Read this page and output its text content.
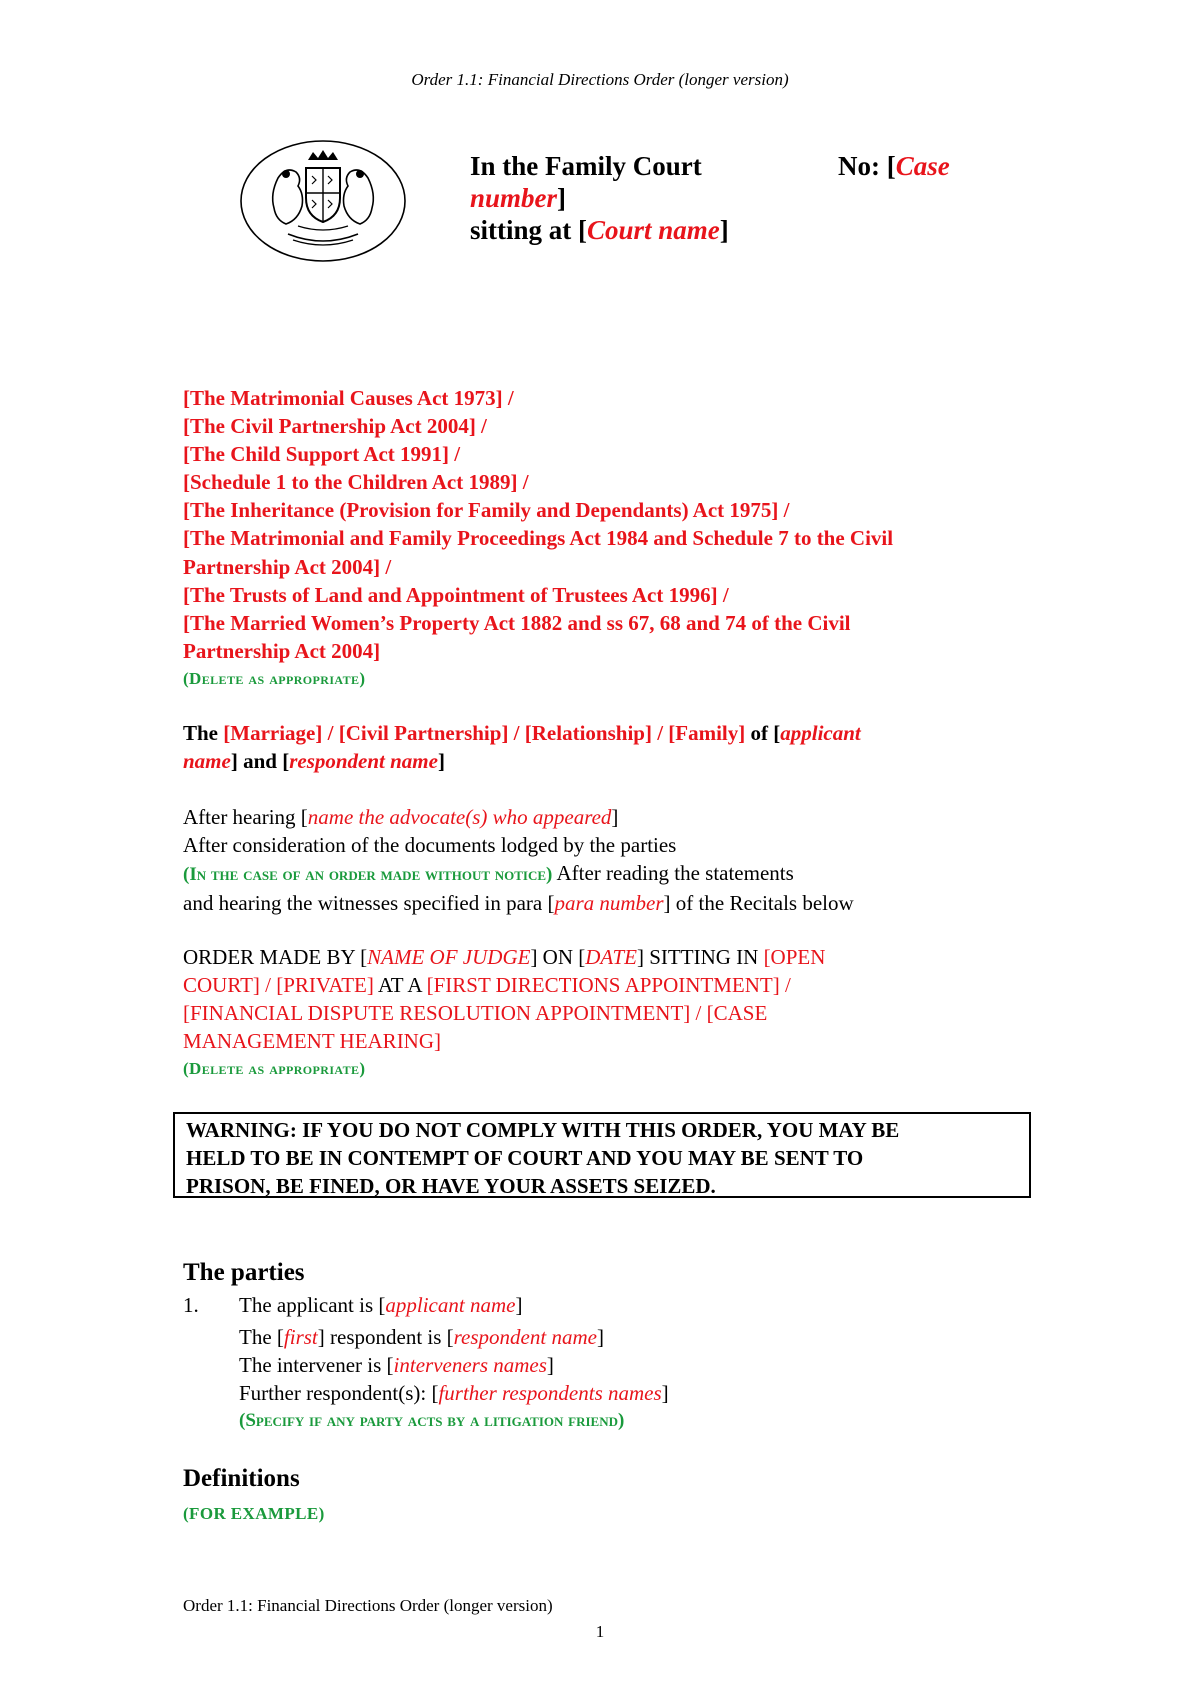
Order 1.1: Financial Directions Order (longer version)
In the Family Court
number]
sitting at [Court name]
No: [Case
[The Matrimonial Causes Act 1973] /
[The Civil Partnership Act 2004] /
[The Child Support Act 1991] /
[Schedule 1 to the Children Act 1989] /
[The Inheritance (Provision for Family and Dependants) Act 1975] /
[The Matrimonial and Family Proceedings Act 1984 and Schedule 7 to the Civil
Partnership Act 2004] /
[The Trusts of Land and Appointment of Trustees Act 1996] /
[The Married Women’s Property Act 1882 and ss 67, 68 and 74 of the Civil
Partnership Act 2004]
(Delete as appropriate)
The [Marriage] / [Civil Partnership] / [Relationship] / [Family] of [applicant
name] and [respondent name]
After hearing [name the advocate(s) who appeared]
After consideration of the documents lodged by the parties
(In the case of an order made without notice) After reading the statements
and hearing the witnesses specified in para [para number] of the Recitals below
ORDER MADE BY [NAME OF JUDGE] ON [DATE] SITTING IN [OPEN
COURT] / [PRIVATE] AT A [FIRST DIRECTIONS APPOINTMENT] /
[FINANCIAL DISPUTE RESOLUTION APPOINTMENT] / [CASE
MANAGEMENT HEARING]
(Delete as appropriate)
WARNING: IF YOU DO NOT COMPLY WITH THIS ORDER, YOU MAY BE
HELD TO BE IN CONTEMPT OF COURT AND YOU MAY BE SENT TO
PRISON, BE FINED, OR HAVE YOUR ASSETS SEIZED.
The parties
1. The applicant is [applicant name]
The [first] respondent is [respondent name]
The intervener is [interveners names]
Further respondent(s): [further respondents names]
(Specify if any party acts by a litigation friend)
Definitions
(FOR EXAMPLE)
Order 1.1: Financial Directions Order (longer version)
1
